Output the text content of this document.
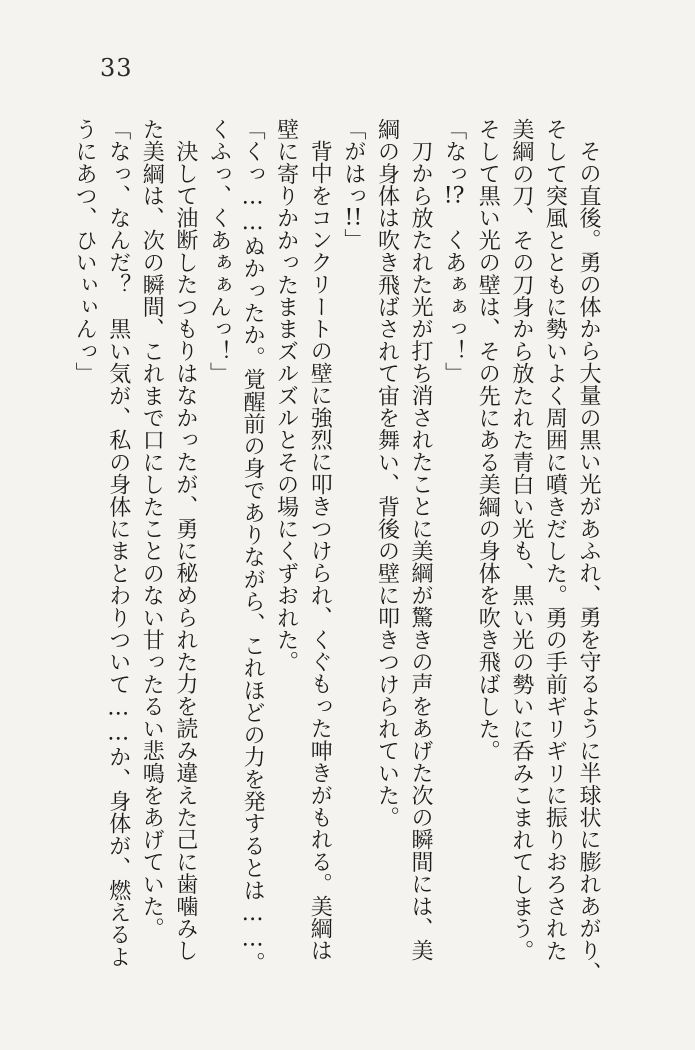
33
その直後。勇の体から大量の黒い光があふれ、勇を守るように半球状に膨れあがり、
そして突風とともに勢いよく周囲に噴きだした。勇の手前ギリギリに振りおろされた
美綱の刀、その刀身から放たれた青白い光も、黒い光の勢いに呑みこまれてしまう。
そして黒い光の壁は、その先にある美綱の身体を吹き飛ばした。
「なっ!?　くあぁぁっ！」
刀から放たれた光が打ち消されたことに美綱が驚きの声をあげた次の瞬間には、美
綱の身体は吹き飛ばされて宙を舞い、背後の壁に叩きつけられていた。
「がはっ!!」
背中をコンクリートの壁に強烈に叩きつけられ、くぐもった呻きがもれる。美綱は
壁に寄りかかったままズルズルとその場にくずおれた。
「くっ……ぬかったか。覚醒前の身でありながら、これほどの力を発するとは……。
くふっ、くあぁぁんっ！」
決して油断したつもりはなかったが、勇に秘められた力を読み違えた己に歯噛みし
た美綱は、次の瞬間、これまで口にしたことのない甘ったるい悲鳴をあげていた。
「なっ、なんだ？　黒い気が、私の身体にまとわりついて……か、身体が、燃えるよ
うにあつ、ひいぃぃんっ」
